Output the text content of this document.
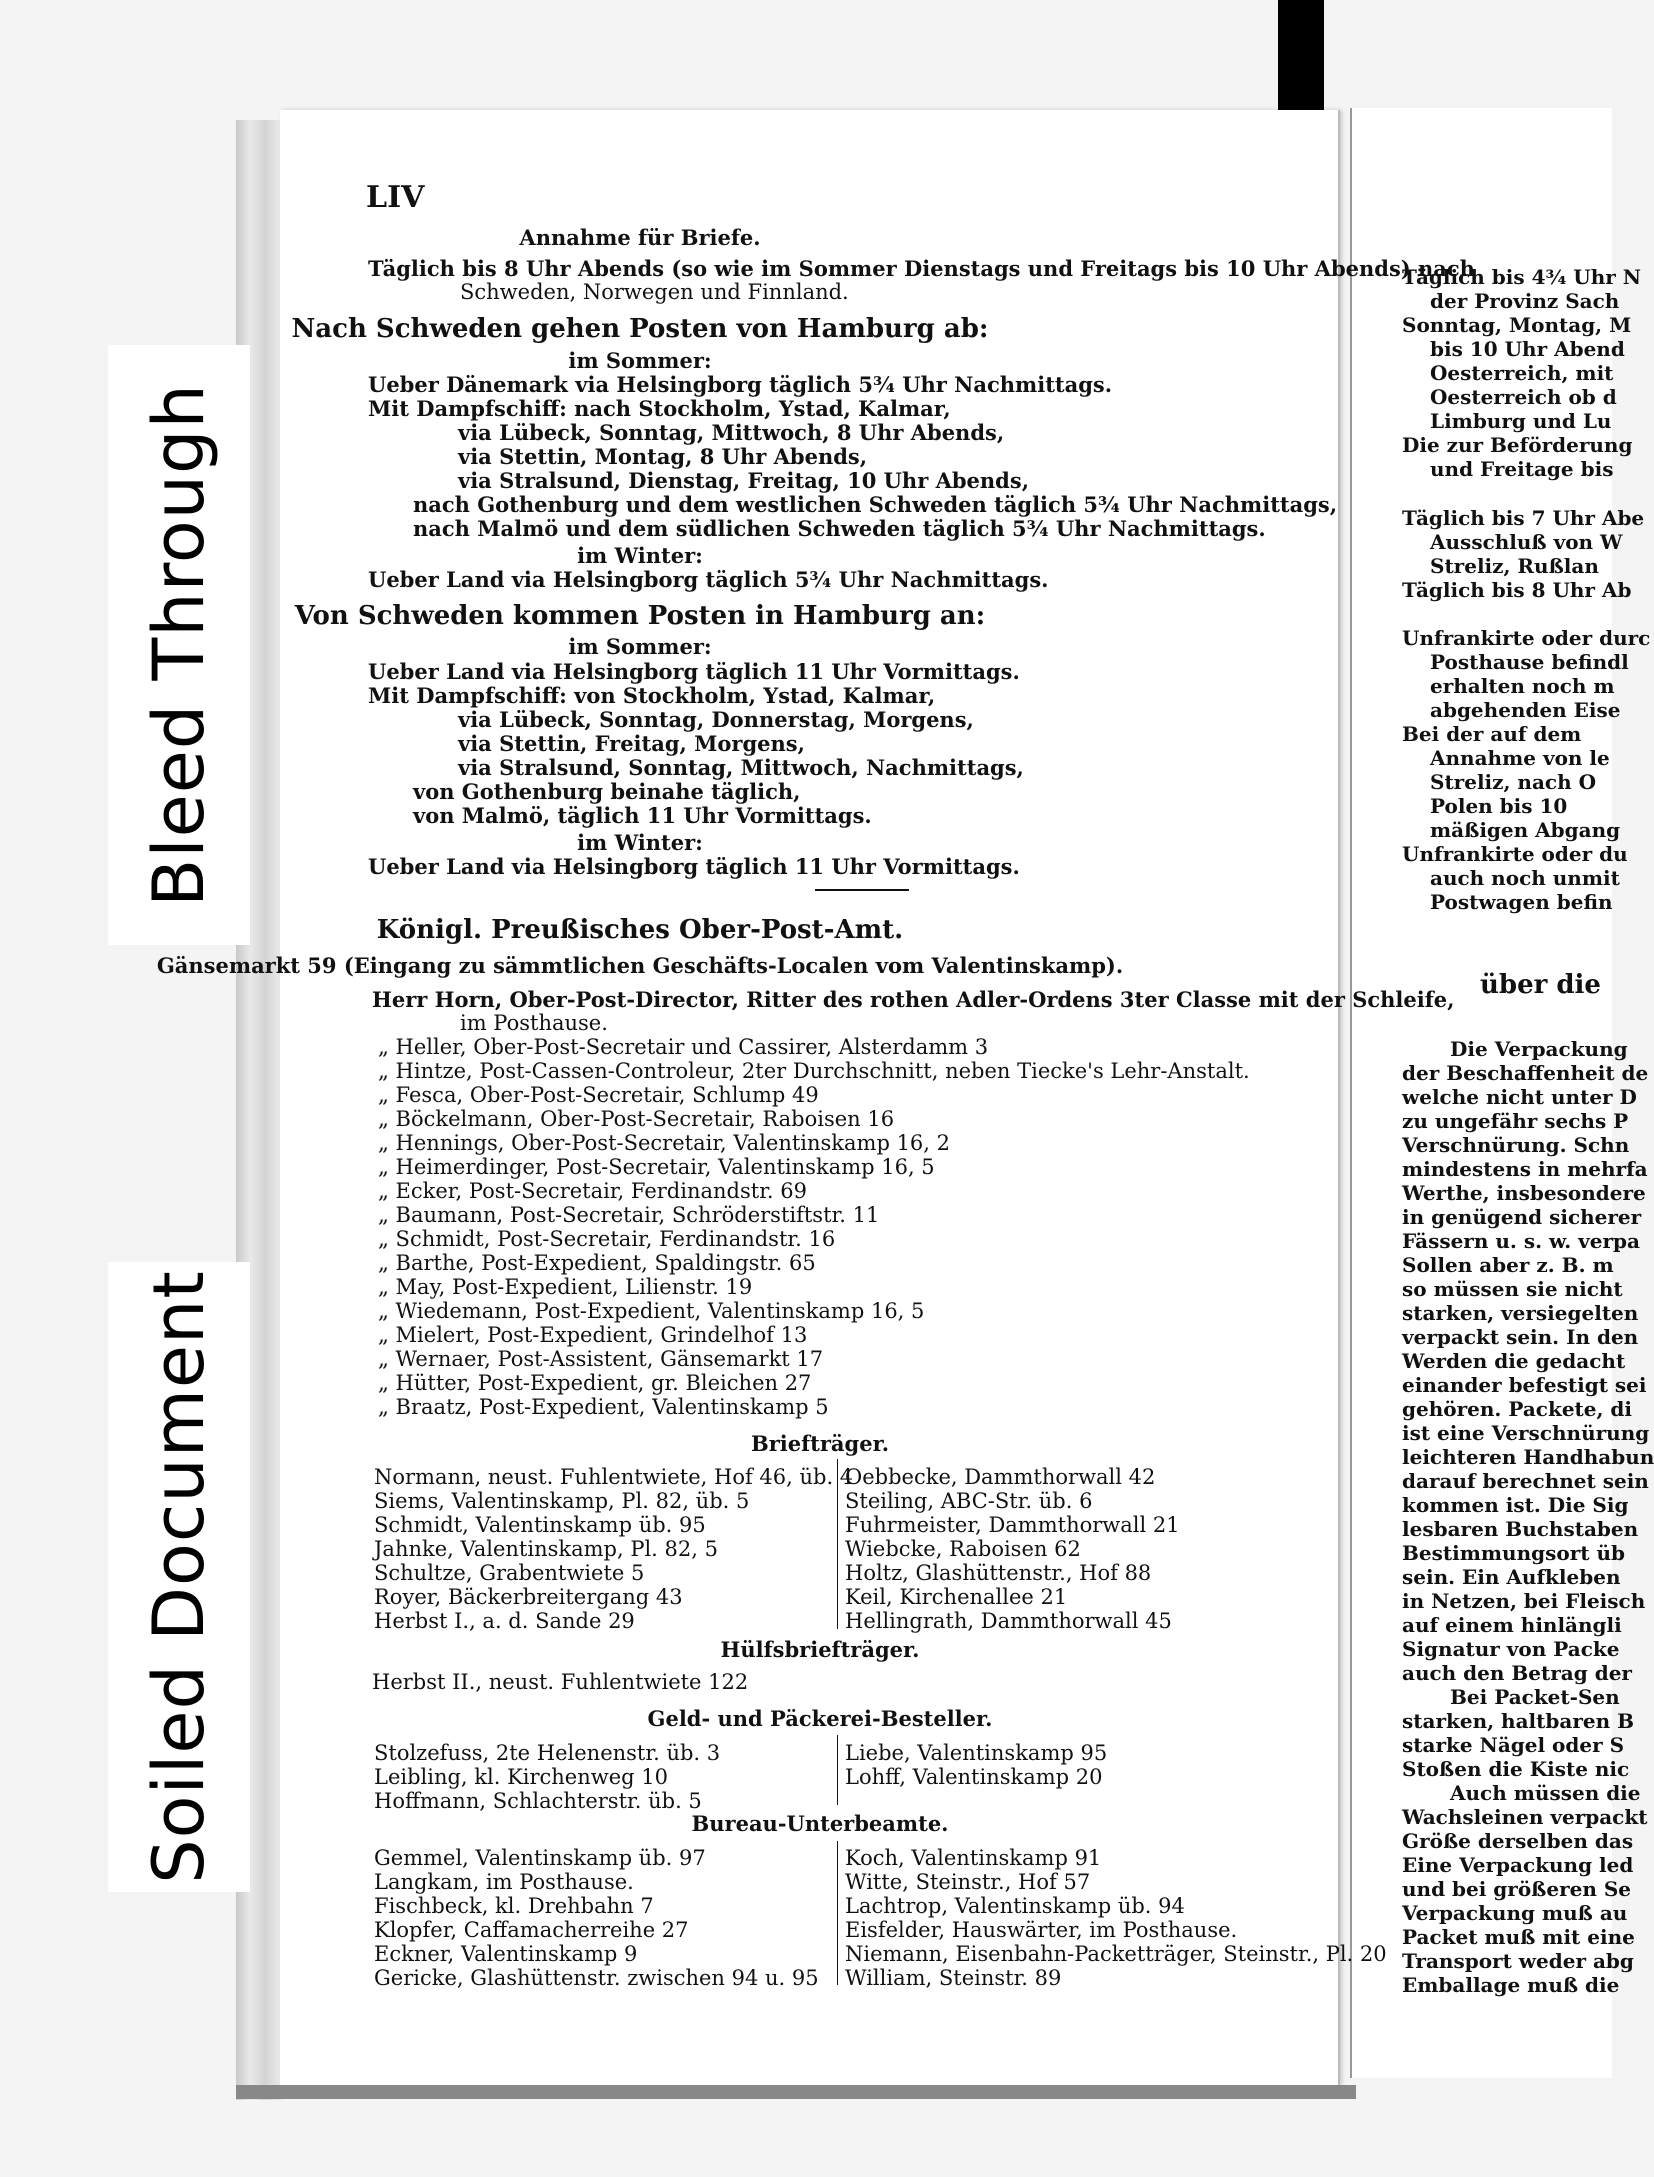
Täglich bis 4¾ Uhr N
der Provinz Sach
Sonntag, Montag, M
bis 10 Uhr Abend
Oesterreich, mit
Oesterreich ob d
Limburg und Lu
Die zur Beförderung
und Freitage bis
Täglich bis 7 Uhr Abe
Ausschluß von W
Streliz, Rußlan
Täglich bis 8 Uhr Ab
Unfrankirte oder durc
Posthause befindl
erhalten noch m
abgehenden Eise
Bei der auf dem
Annahme von le
Streliz, nach O
Polen bis 10
mäßigen Abgang
Unfrankirte oder du
auch noch unmit
Postwagen befin
über die
Die Verpackung
der Beschaffenheit de
welche nicht unter D
zu ungefähr sechs P
Verschnürung. Schn
mindestens in mehrfa
Werthe, insbesondere
in genügend sicherer
Fässern u. s. w. verpa
Sollen aber z. B. m
so müssen sie nicht
starken, versiegelten
verpackt sein. In den
Werden die gedacht
einander befestigt sei
gehören. Packete, di
ist eine Verschnürung
leichteren Handhabun
darauf berechnet sein
kommen ist. Die Sig
lesbaren Buchstaben
Bestimmungsort üb
sein. Ein Aufkleben
in Netzen, bei Fleisch
auf einem hinlängli
Signatur von Packe
auch den Betrag der
Bei Packet-Sen
starken, haltbaren B
starke Nägel oder S
Stoßen die Kiste nic
Auch müssen die
Wachsleinen verpackt
Größe derselben das
Eine Verpackung led
und bei größeren Se
Verpackung muß au
Packet muß mit eine
Transport weder abg
Emballage muß die
LIV
Annahme für Briefe.
Täglich bis 8 Uhr Abends (so wie im Sommer Dienstags und Freitags bis 10 Uhr Abends) nach
Schweden, Norwegen und Finnland.
Nach Schweden gehen Posten von Hamburg ab:
im Sommer:
Ueber Dänemark via Helsingborg täglich 5¾ Uhr Nachmittags.
Mit Dampfschiff: nach Stockholm, Ystad, Kalmar,
via Lübeck, Sonntag, Mittwoch, 8 Uhr Abends,
via Stettin, Montag, 8 Uhr Abends,
via Stralsund, Dienstag, Freitag, 10 Uhr Abends,
nach Gothenburg und dem westlichen Schweden täglich 5¾ Uhr Nachmittags,
nach Malmö und dem südlichen Schweden täglich 5¾ Uhr Nachmittags.
im Winter:
Ueber Land via Helsingborg täglich 5¾ Uhr Nachmittags.
Von Schweden kommen Posten in Hamburg an:
im Sommer:
Ueber Land via Helsingborg täglich 11 Uhr Vormittags.
Mit Dampfschiff: von Stockholm, Ystad, Kalmar,
via Lübeck, Sonntag, Donnerstag, Morgens,
via Stettin, Freitag, Morgens,
via Stralsund, Sonntag, Mittwoch, Nachmittags,
von Gothenburg beinahe täglich,
von Malmö, täglich 11 Uhr Vormittags.
im Winter:
Ueber Land via Helsingborg täglich 11 Uhr Vormittags.
Königl. Preußisches Ober-Post-Amt.
Gänsemarkt 59 (Eingang zu sämmtlichen Geschäfts-Localen vom Valentinskamp).
Herr Horn, Ober-Post-Director, Ritter des rothen Adler-Ordens 3ter Classe mit der Schleife,
im Posthause.
„ Heller, Ober-Post-Secretair und Cassirer, Alsterdamm 3
„ Hintze, Post-Cassen-Controleur, 2ter Durchschnitt, neben Tiecke's Lehr-Anstalt.
„ Fesca, Ober-Post-Secretair, Schlump 49
„ Böckelmann, Ober-Post-Secretair, Raboisen 16
„ Hennings, Ober-Post-Secretair, Valentinskamp 16, 2
„ Heimerdinger, Post-Secretair, Valentinskamp 16, 5
„ Ecker, Post-Secretair, Ferdinandstr. 69
„ Baumann, Post-Secretair, Schröderstiftstr. 11
„ Schmidt, Post-Secretair, Ferdinandstr. 16
„ Barthe, Post-Expedient, Spaldingstr. 65
„ May, Post-Expedient, Lilienstr. 19
„ Wiedemann, Post-Expedient, Valentinskamp 16, 5
„ Mielert, Post-Expedient, Grindelhof 13
„ Wernaer, Post-Assistent, Gänsemarkt 17
„ Hütter, Post-Expedient, gr. Bleichen 27
„ Braatz, Post-Expedient, Valentinskamp 5
Briefträger.
Hülfsbriefträger.
Herbst II., neust. Fuhlentwiete 122
Geld- und Päckerei-Besteller.
Bureau-Unterbeamte.
Normann, neust. Fuhlentwiete, Hof 46, üb. 4
Siems, Valentinskamp, Pl. 82, üb. 5
Schmidt, Valentinskamp üb. 95
Jahnke, Valentinskamp, Pl. 82, 5
Schultze, Grabentwiete 5
Royer, Bäckerbreitergang 43
Herbst I., a. d. Sande 29
Oebbecke, Dammthorwall 42
Steiling, ABC-Str. üb. 6
Fuhrmeister, Dammthorwall 21
Wiebcke, Raboisen 62
Holtz, Glashüttenstr., Hof 88
Keil, Kirchenallee 21
Hellingrath, Dammthorwall 45
Stolzefuss, 2te Helenenstr. üb. 3
Leibling, kl. Kirchenweg 10
Hoffmann, Schlachterstr. üb. 5
Liebe, Valentinskamp 95
Lohff, Valentinskamp 20
Gemmel, Valentinskamp üb. 97
Langkam, im Posthause.
Fischbeck, kl. Drehbahn 7
Klopfer, Caffamacherreihe 27
Eckner, Valentinskamp 9
Gericke, Glashüttenstr. zwischen 94 u. 95
Koch, Valentinskamp 91
Witte, Steinstr., Hof 57
Lachtrop, Valentinskamp üb. 94
Eisfelder, Hauswärter, im Posthause.
Niemann, Eisenbahn-Packetträger, Steinstr., Pl. 20
William, Steinstr. 89
Bleed Through
Soiled Document
